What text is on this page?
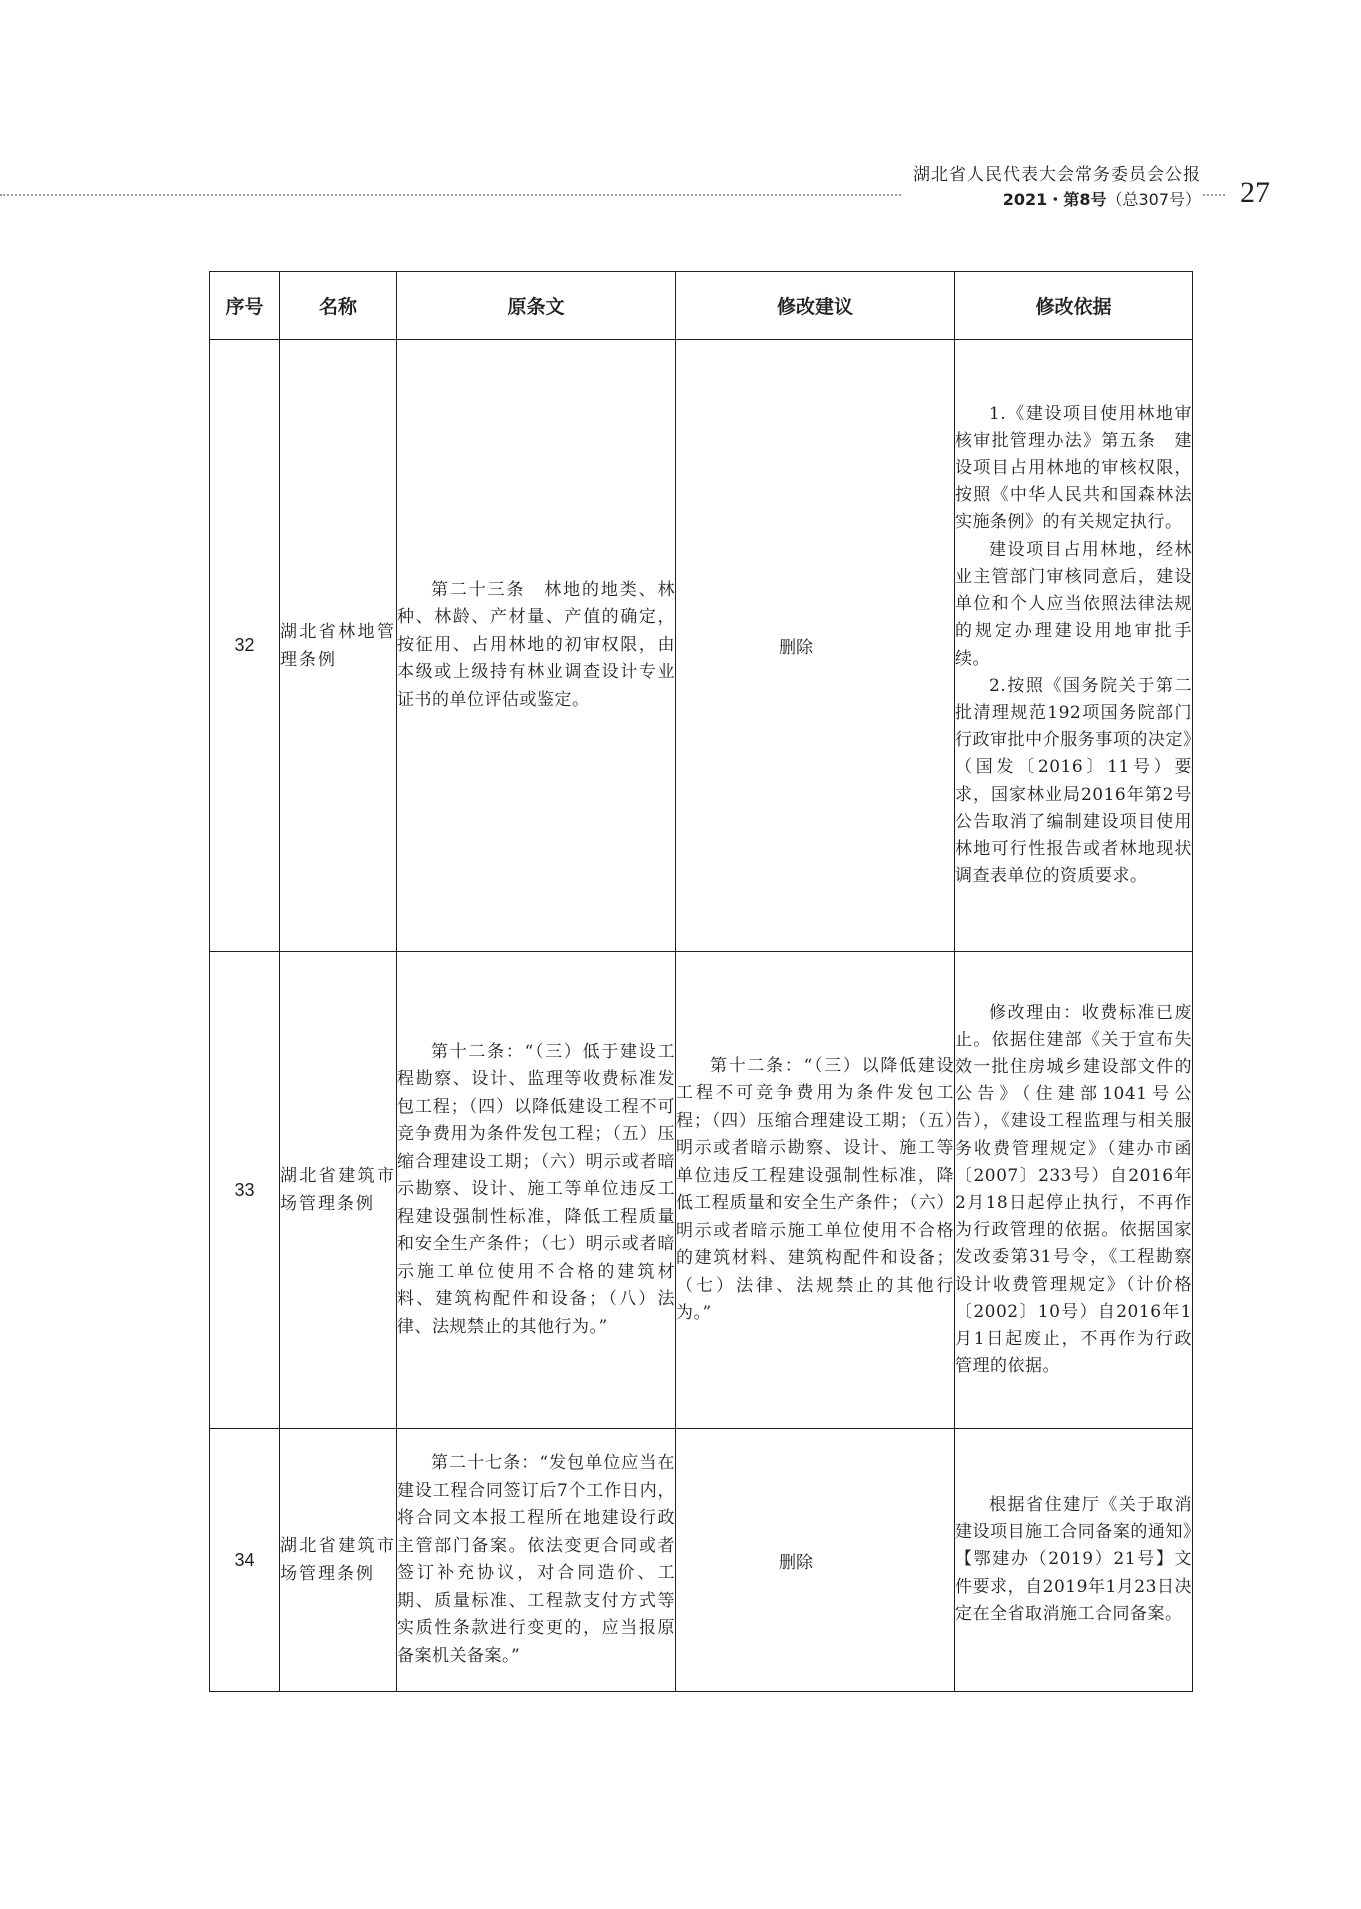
湖北省人民代表大会常务委员会公报
2021・第8号（总307号） 27
序号	名称	原条文	修改建议	修改依据
32	湖北省林地管理条例	第二十三条　林地的地类、林种、林龄、产材量、产值的确定，按征用、占用林地的初审权限，由本级或上级持有林业调查设计专业证书的单位评估或鉴定。	删除	1.《建设项目使用林地审核审批管理办法》第五条　建设项目占用林地的审核权限，按照《中华人民共和国森林法实施条例》的有关规定执行。

建设项目占用林地，经林业主管部门审核同意后，建设单位和个人应当依照法律法规的规定办理建设用地审批手续。

2.按照《国务院关于第二批清理规范192项国务院部门行政审批中介服务事项的决定》（国发〔2016〕11号）要求，国家林业局2016年第2号公告取消了编制建设项目使用林地可行性报告或者林地现状调查表单位的资质要求。

33	湖北省建筑市场管理条例	第十二条：“（三）低于建设工程勘察、设计、监理等收费标准发包工程；（四）以降低建设工程不可竞争费用为条件发包工程；（五）压缩合理建设工期；（六）明示或者暗示勘察、设计、施工等单位违反工程建设强制性标准，降低工程质量和安全生产条件；（七）明示或者暗示施工单位使用不合格的建筑材料、建筑构配件和设备；（八）法律、法规禁止的其他行为。”	第十二条：“（三）以降低建设工程不可竞争费用为条件发包工程；（四）压缩合理建设工期；（五）明示或者暗示勘察、设计、施工等单位违反工程建设强制性标准，降低工程质量和安全生产条件；（六）明示或者暗示施工单位使用不合格的建筑材料、建筑构配件和设备；（七）法律、法规禁止的其他行为。”	修改理由：收费标准已废止。依据住建部《关于宣布失效一批住房城乡建设部文件的公告》（住建部1041号公告），《建设工程监理与相关服务收费管理规定》（建办市函〔2007〕233号）自2016年2月18日起停止执行，不再作为行政管理的依据。依据国家发改委第31号令，《工程勘察设计收费管理规定》（计价格〔2002〕10号）自2016年1月1日起废止，不再作为行政管理的依据。

34	湖北省建筑市场管理条例	第二十七条：“发包单位应当在建设工程合同签订后7个工作日内，将合同文本报工程所在地建设行政主管部门备案。依法变更合同或者签订补充协议，对合同造价、工期、质量标准、工程款支付方式等实质性条款进行变更的，应当报原备案机关备案。”	删除	根据省住建厅《关于取消建设项目施工合同备案的通知》【鄂建办（2019）21号】文件要求，自2019年1月23日决定在全省取消施工合同备案。
